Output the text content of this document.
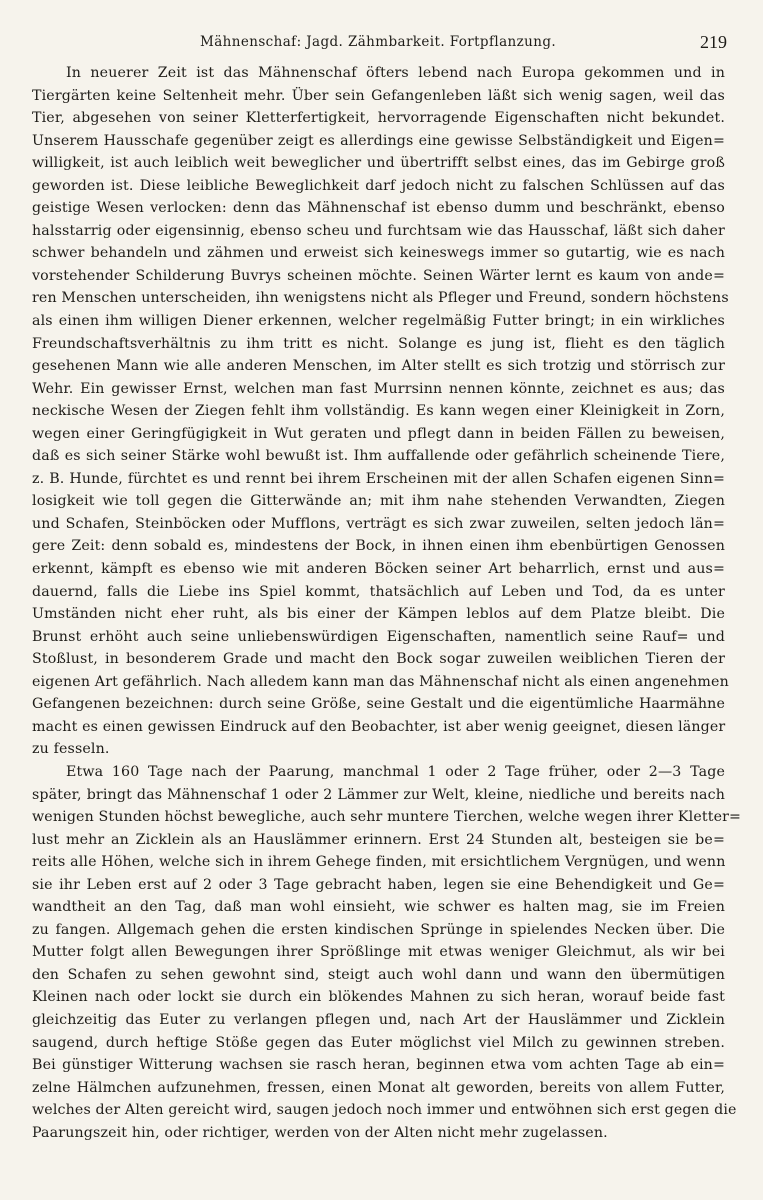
Mähnenschaf: Jagd. Zähmbarkeit. Fortpflanzung.	219
In neuerer Zeit ist das Mähnenschaf öfters lebend nach Europa gekommen und in
Tiergärten keine Seltenheit mehr. Über sein Gefangenleben läßt sich wenig sagen, weil das
Tier, abgesehen von seiner Kletterfertigkeit, hervorragende Eigenschaften nicht bekundet.
Unserem Hausschafe gegenüber zeigt es allerdings eine gewisse Selbständigkeit und Eigen=
willigkeit, ist auch leiblich weit beweglicher und übertrifft selbst eines, das im Gebirge groß
geworden ist. Diese leibliche Beweglichkeit darf jedoch nicht zu falschen Schlüssen auf das
geistige Wesen verlocken: denn das Mähnenschaf ist ebenso dumm und beschränkt, ebenso
halsstarrig oder eigensinnig, ebenso scheu und furchtsam wie das Hausschaf, läßt sich daher
schwer behandeln und zähmen und erweist sich keineswegs immer so gutartig, wie es nach
vorstehender Schilderung Buvrys scheinen möchte. Seinen Wärter lernt es kaum von ande=
ren Menschen unterscheiden, ihn wenigstens nicht als Pfleger und Freund, sondern höchstens
als einen ihm willigen Diener erkennen, welcher regelmäßig Futter bringt; in ein wirkliches
Freundschaftsverhältnis zu ihm tritt es nicht. Solange es jung ist, flieht es den täglich
gesehenen Mann wie alle anderen Menschen, im Alter stellt es sich trotzig und störrisch zur
Wehr. Ein gewisser Ernst, welchen man fast Murrsinn nennen könnte, zeichnet es aus; das
neckische Wesen der Ziegen fehlt ihm vollständig. Es kann wegen einer Kleinigkeit in Zorn,
wegen einer Geringfügigkeit in Wut geraten und pflegt dann in beiden Fällen zu beweisen,
daß es sich seiner Stärke wohl bewußt ist. Ihm auffallende oder gefährlich scheinende Tiere,
z. B. Hunde, fürchtet es und rennt bei ihrem Erscheinen mit der allen Schafen eigenen Sinn=
losigkeit wie toll gegen die Gitterwände an; mit ihm nahe stehenden Verwandten, Ziegen
und Schafen, Steinböcken oder Mufflons, verträgt es sich zwar zuweilen, selten jedoch län=
gere Zeit: denn sobald es, mindestens der Bock, in ihnen einen ihm ebenbürtigen Genossen
erkennt, kämpft es ebenso wie mit anderen Böcken seiner Art beharrlich, ernst und aus=
dauernd, falls die Liebe ins Spiel kommt, thatsächlich auf Leben und Tod, da es unter
Umständen nicht eher ruht, als bis einer der Kämpen leblos auf dem Platze bleibt. Die
Brunst erhöht auch seine unliebenswürdigen Eigenschaften, namentlich seine Rauf= und
Stoßlust, in besonderem Grade und macht den Bock sogar zuweilen weiblichen Tieren der
eigenen Art gefährlich. Nach alledem kann man das Mähnenschaf nicht als einen angenehmen
Gefangenen bezeichnen: durch seine Größe, seine Gestalt und die eigentümliche Haarmähne
macht es einen gewissen Eindruck auf den Beobachter, ist aber wenig geeignet, diesen länger
zu fesseln.
Etwa 160 Tage nach der Paarung, manchmal 1 oder 2 Tage früher, oder 2—3 Tage
später, bringt das Mähnenschaf 1 oder 2 Lämmer zur Welt, kleine, niedliche und bereits nach
wenigen Stunden höchst bewegliche, auch sehr muntere Tierchen, welche wegen ihrer Kletter=
lust mehr an Zicklein als an Hauslämmer erinnern. Erst 24 Stunden alt, besteigen sie be=
reits alle Höhen, welche sich in ihrem Gehege finden, mit ersichtlichem Vergnügen, und wenn
sie ihr Leben erst auf 2 oder 3 Tage gebracht haben, legen sie eine Behendigkeit und Ge=
wandtheit an den Tag, daß man wohl einsieht, wie schwer es halten mag, sie im Freien
zu fangen. Allgemach gehen die ersten kindischen Sprünge in spielendes Necken über. Die
Mutter folgt allen Bewegungen ihrer Sprößlinge mit etwas weniger Gleichmut, als wir bei
den Schafen zu sehen gewohnt sind, steigt auch wohl dann und wann den übermütigen
Kleinen nach oder lockt sie durch ein blökendes Mahnen zu sich heran, worauf beide fast
gleichzeitig das Euter zu verlangen pflegen und, nach Art der Hauslämmer und Zicklein
saugend, durch heftige Stöße gegen das Euter möglichst viel Milch zu gewinnen streben.
Bei günstiger Witterung wachsen sie rasch heran, beginnen etwa vom achten Tage ab ein=
zelne Hälmchen aufzunehmen, fressen, einen Monat alt geworden, bereits von allem Futter,
welches der Alten gereicht wird, saugen jedoch noch immer und entwöhnen sich erst gegen die
Paarungszeit hin, oder richtiger, werden von der Alten nicht mehr zugelassen.
